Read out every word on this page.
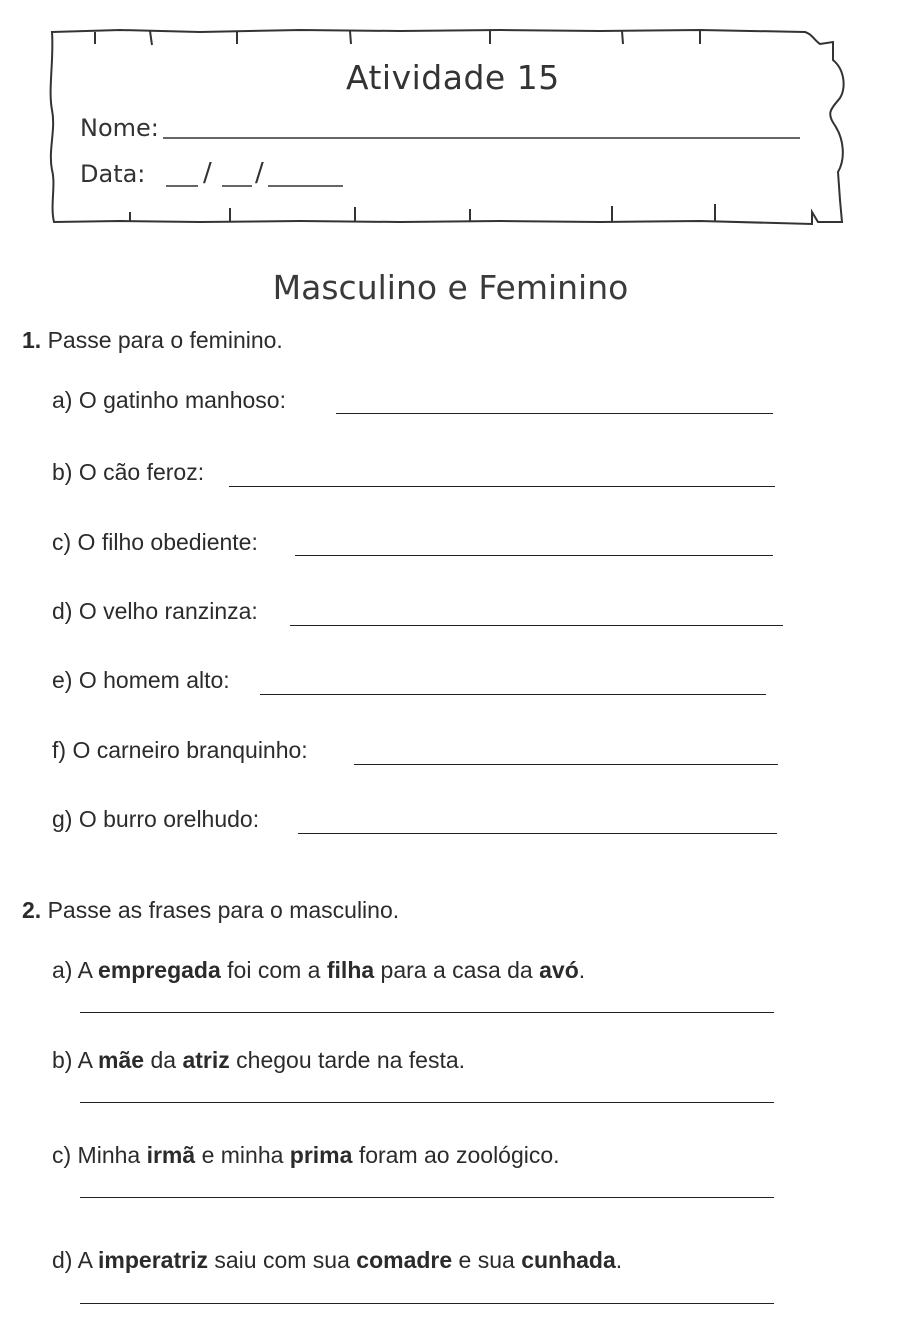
Atividade 15
Nome:
Data: / /
Masculino e Feminino
1. Passe para o feminino.
a) O gatinho manhoso:
b) O cão feroz:
c) O filho obediente:
d) O velho ranzinza:
e) O homem alto:
f) O carneiro branquinho:
g) O burro orelhudo:
2. Passe as frases para o masculino.
a) A empregada foi com a filha para a casa da avó.
b) A mãe da atriz chegou tarde na festa.
c) Minha irmã e minha prima foram ao zoológico.
d) A imperatriz saiu com sua comadre e sua cunhada.
